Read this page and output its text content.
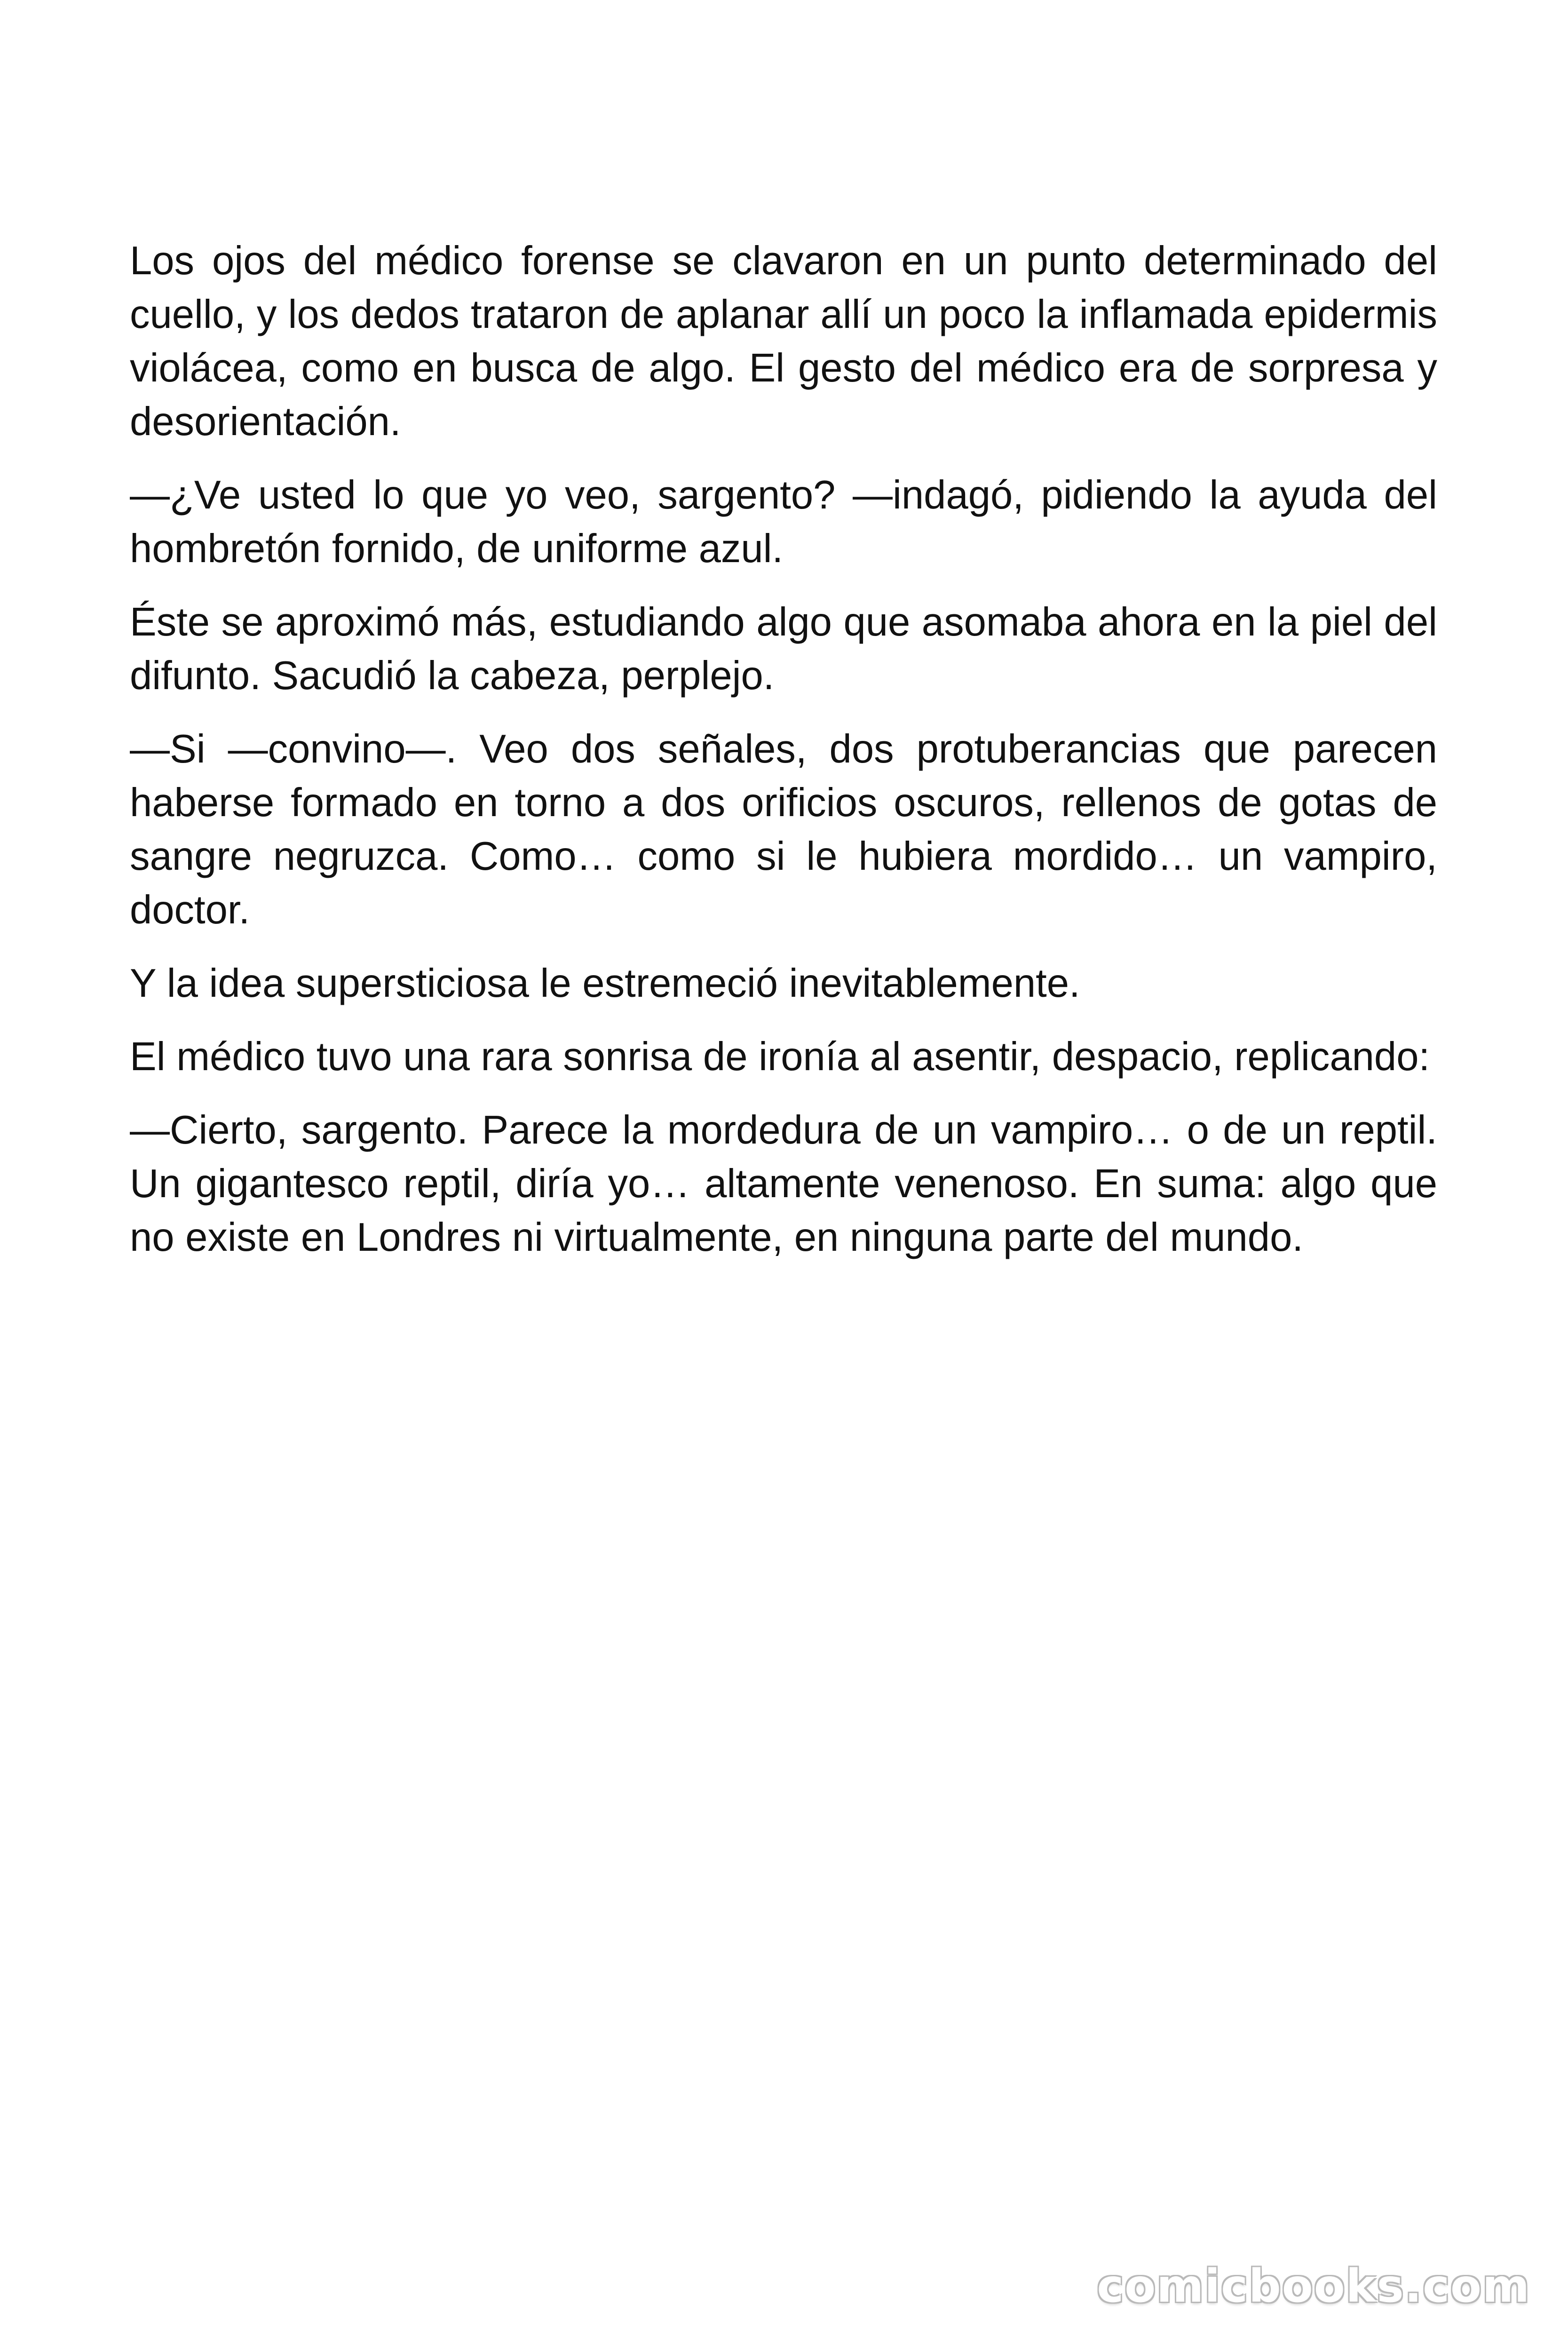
Los ojos del médico forense se clavaron en un punto determinado del cuello, y los dedos trataron de aplanar allí un poco la inflamada epidermis violácea, como en busca de algo. El gesto del médico era de sorpresa y desorientación.

—¿Ve usted lo que yo veo, sargento? —indagó, pidiendo la ayuda del hombretón fornido, de uniforme azul.

Éste se aproximó más, estudiando algo que asomaba ahora en la piel del difunto. Sacudió la cabeza, perplejo.

—Si —convino—. Veo dos señales, dos protuberancias que parecen haberse formado en torno a dos orificios oscuros, rellenos de gotas de sangre negruzca. Como… como si le hubiera mordido… un vampiro, doctor.

Y la idea supersticiosa le estremeció inevitablemente.

El médico tuvo una rara sonrisa de ironía al asentir, despacio, replicando:

—Cierto, sargento. Parece la mordedura de un vampiro… o de un reptil. Un gigantesco reptil, diría yo… altamente venenoso. En suma: algo que no existe en Londres ni virtualmente, en ninguna parte del mundo.

comicbooks.com
